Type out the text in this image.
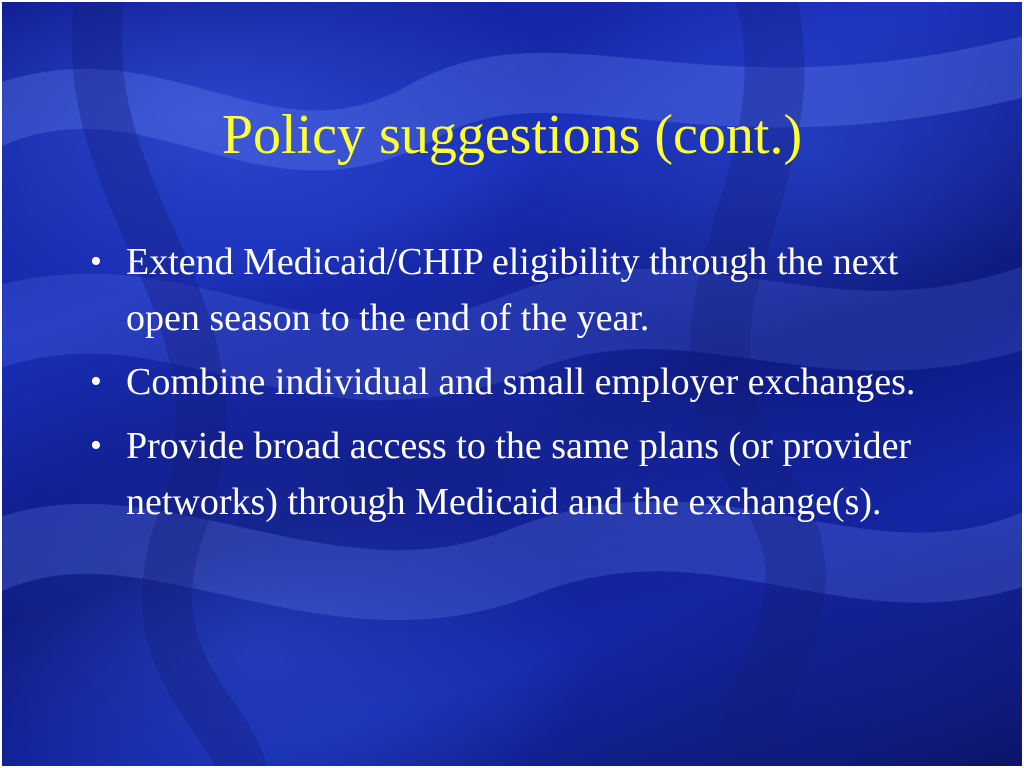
Policy suggestions (cont.)
• Extend Medicaid/CHIP eligibility through the next open season to the end of the year.
• Combine individual and small employer exchanges.
• Provide broad access to the same plans (or provider networks) through Medicaid and the exchange(s).
